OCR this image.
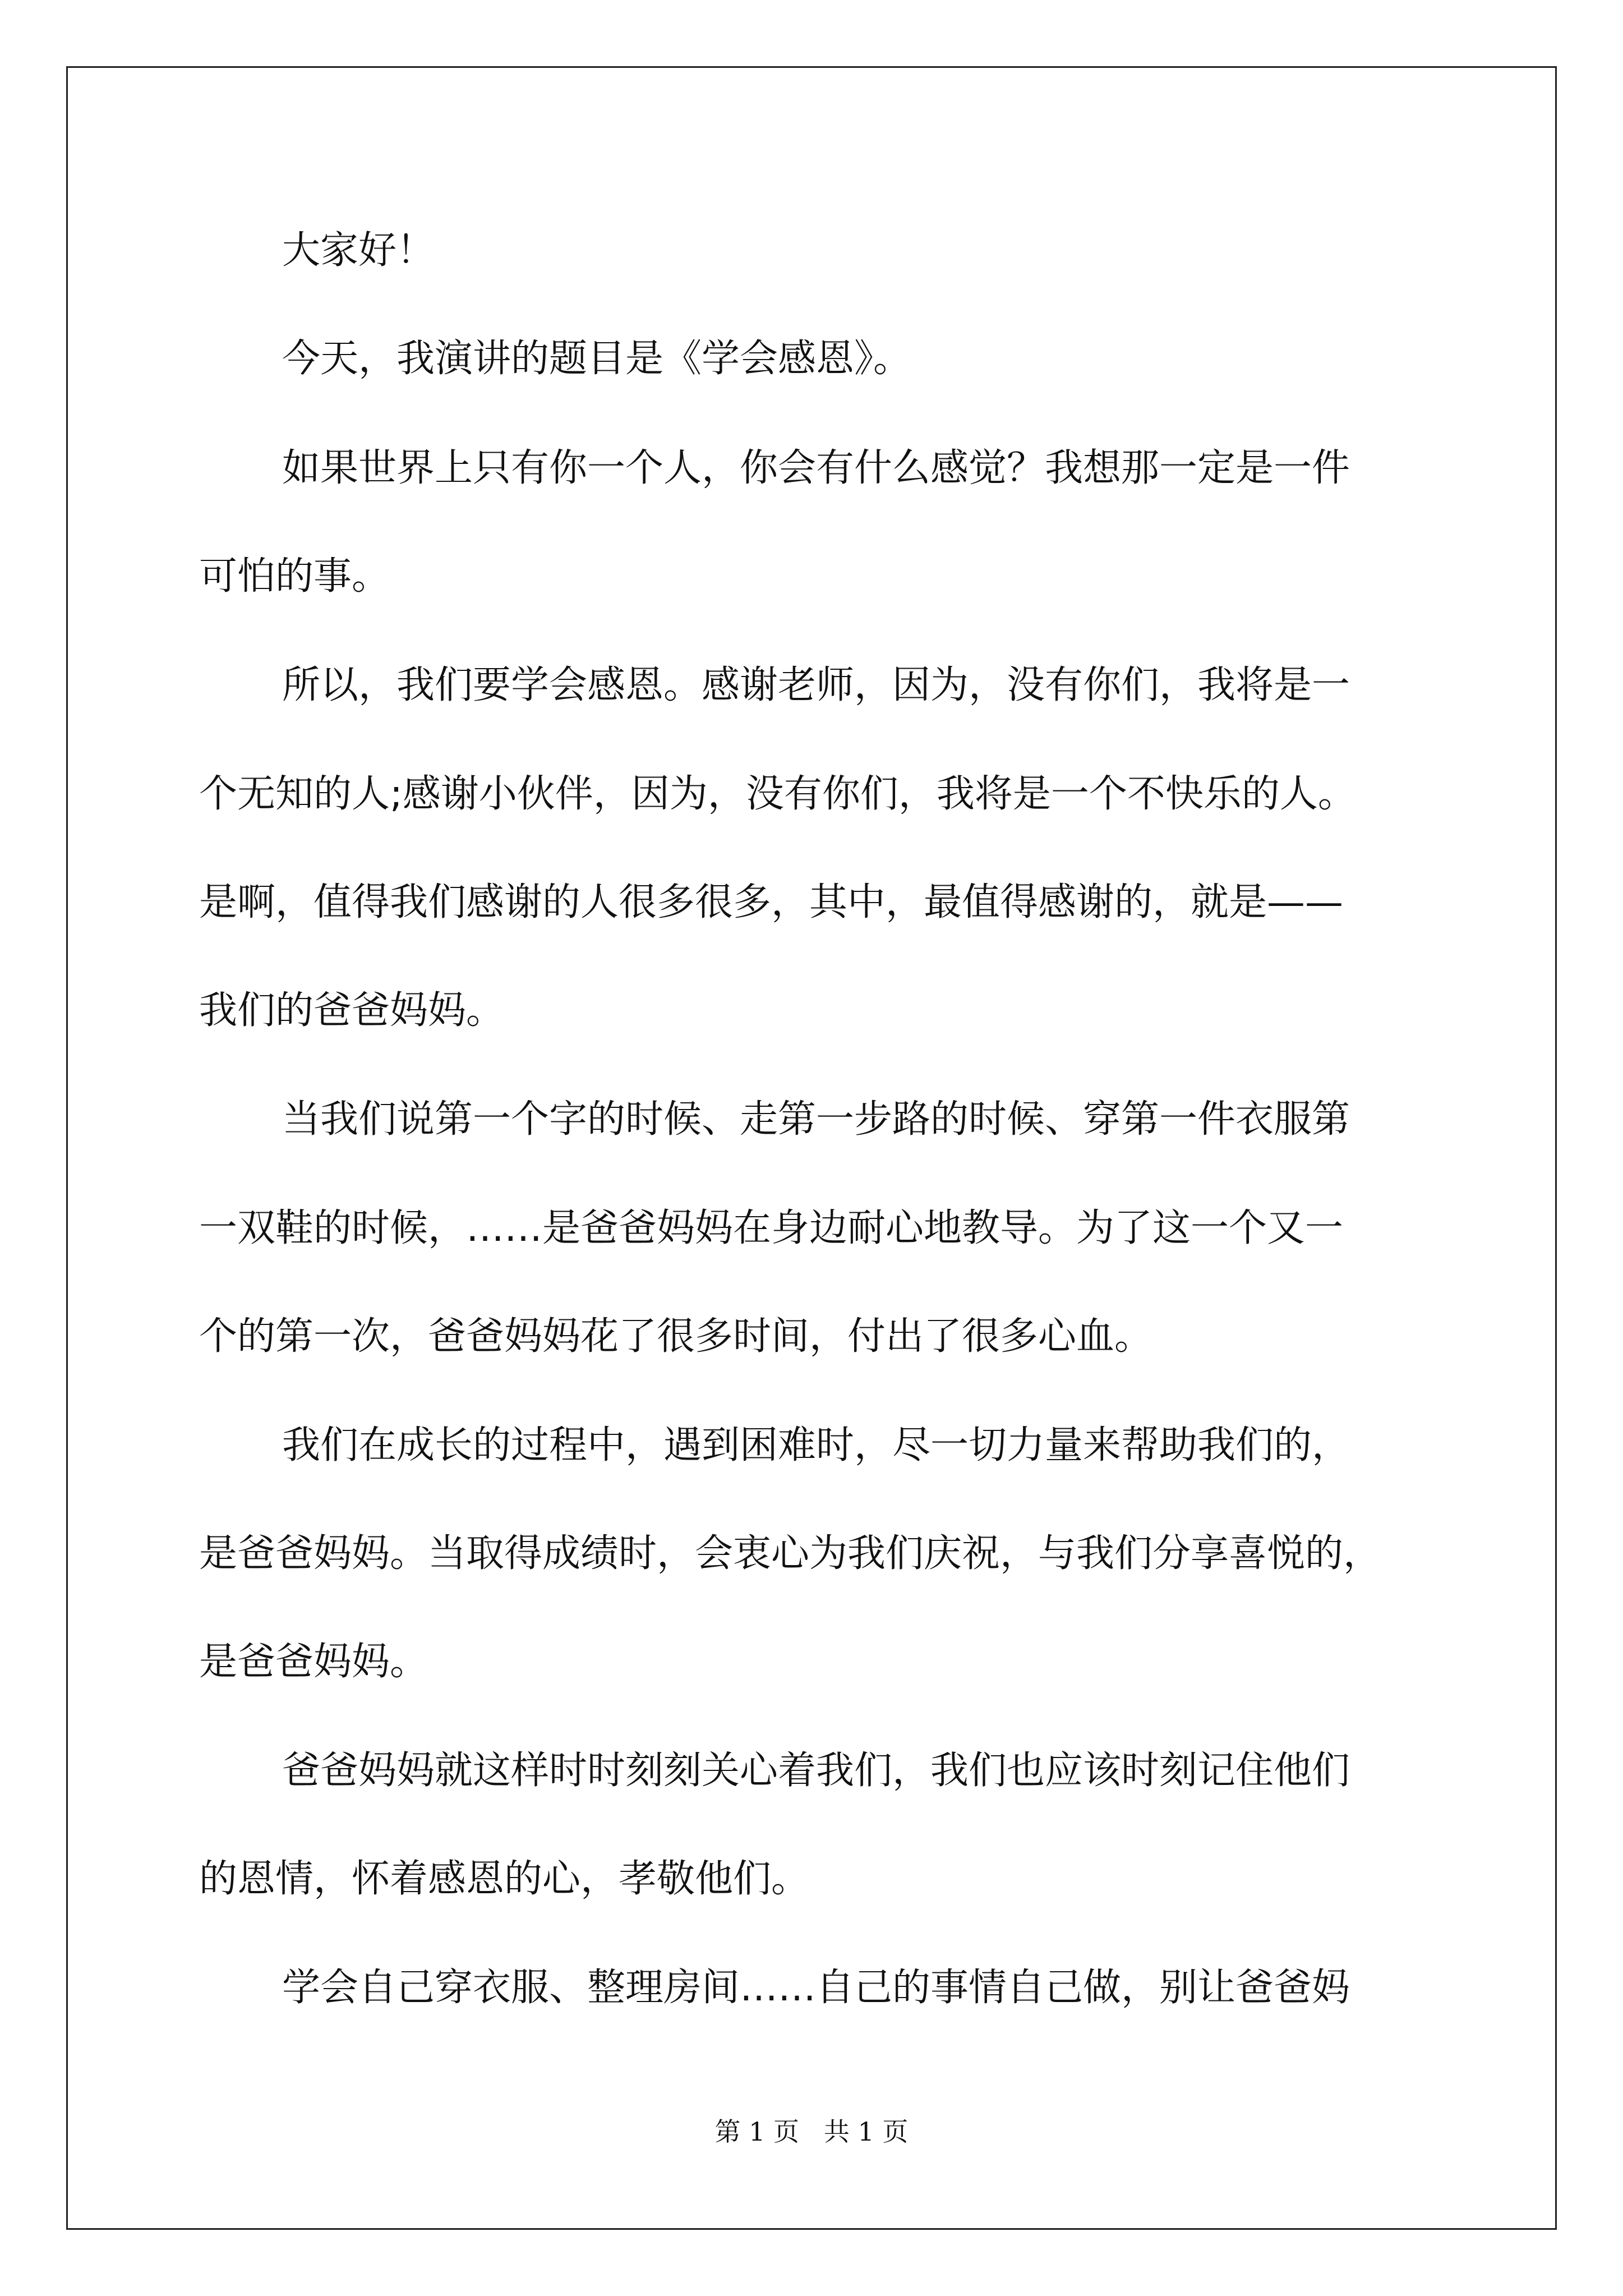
大家好！
今天，我演讲的题目是《学会感恩》。
如果世界上只有你一个人，你会有什么感觉？我想那一定是一件
可怕的事。
所以，我们要学会感恩。感谢老师，因为，没有你们，我将是一
个无知的人;感谢小伙伴，因为，没有你们，我将是一个不快乐的人。
是啊，值得我们感谢的人很多很多，其中，最值得感谢的，就是——
我们的爸爸妈妈。
当我们说第一个字的时候、走第一步路的时候、穿第一件衣服第
一双鞋的时候，……是爸爸妈妈在身边耐心地教导。为了这一个又一
个的第一次，爸爸妈妈花了很多时间，付出了很多心血。
我们在成长的过程中，遇到困难时，尽一切力量来帮助我们的，
是爸爸妈妈。当取得成绩时，会衷心为我们庆祝，与我们分享喜悦的，
是爸爸妈妈。
爸爸妈妈就这样时时刻刻关心着我们，我们也应该时刻记住他们
的恩情，怀着感恩的心，孝敬他们。
学会自己穿衣服、整理房间……自己的事情自己做，别让爸爸妈
第 1 页   共 1 页
